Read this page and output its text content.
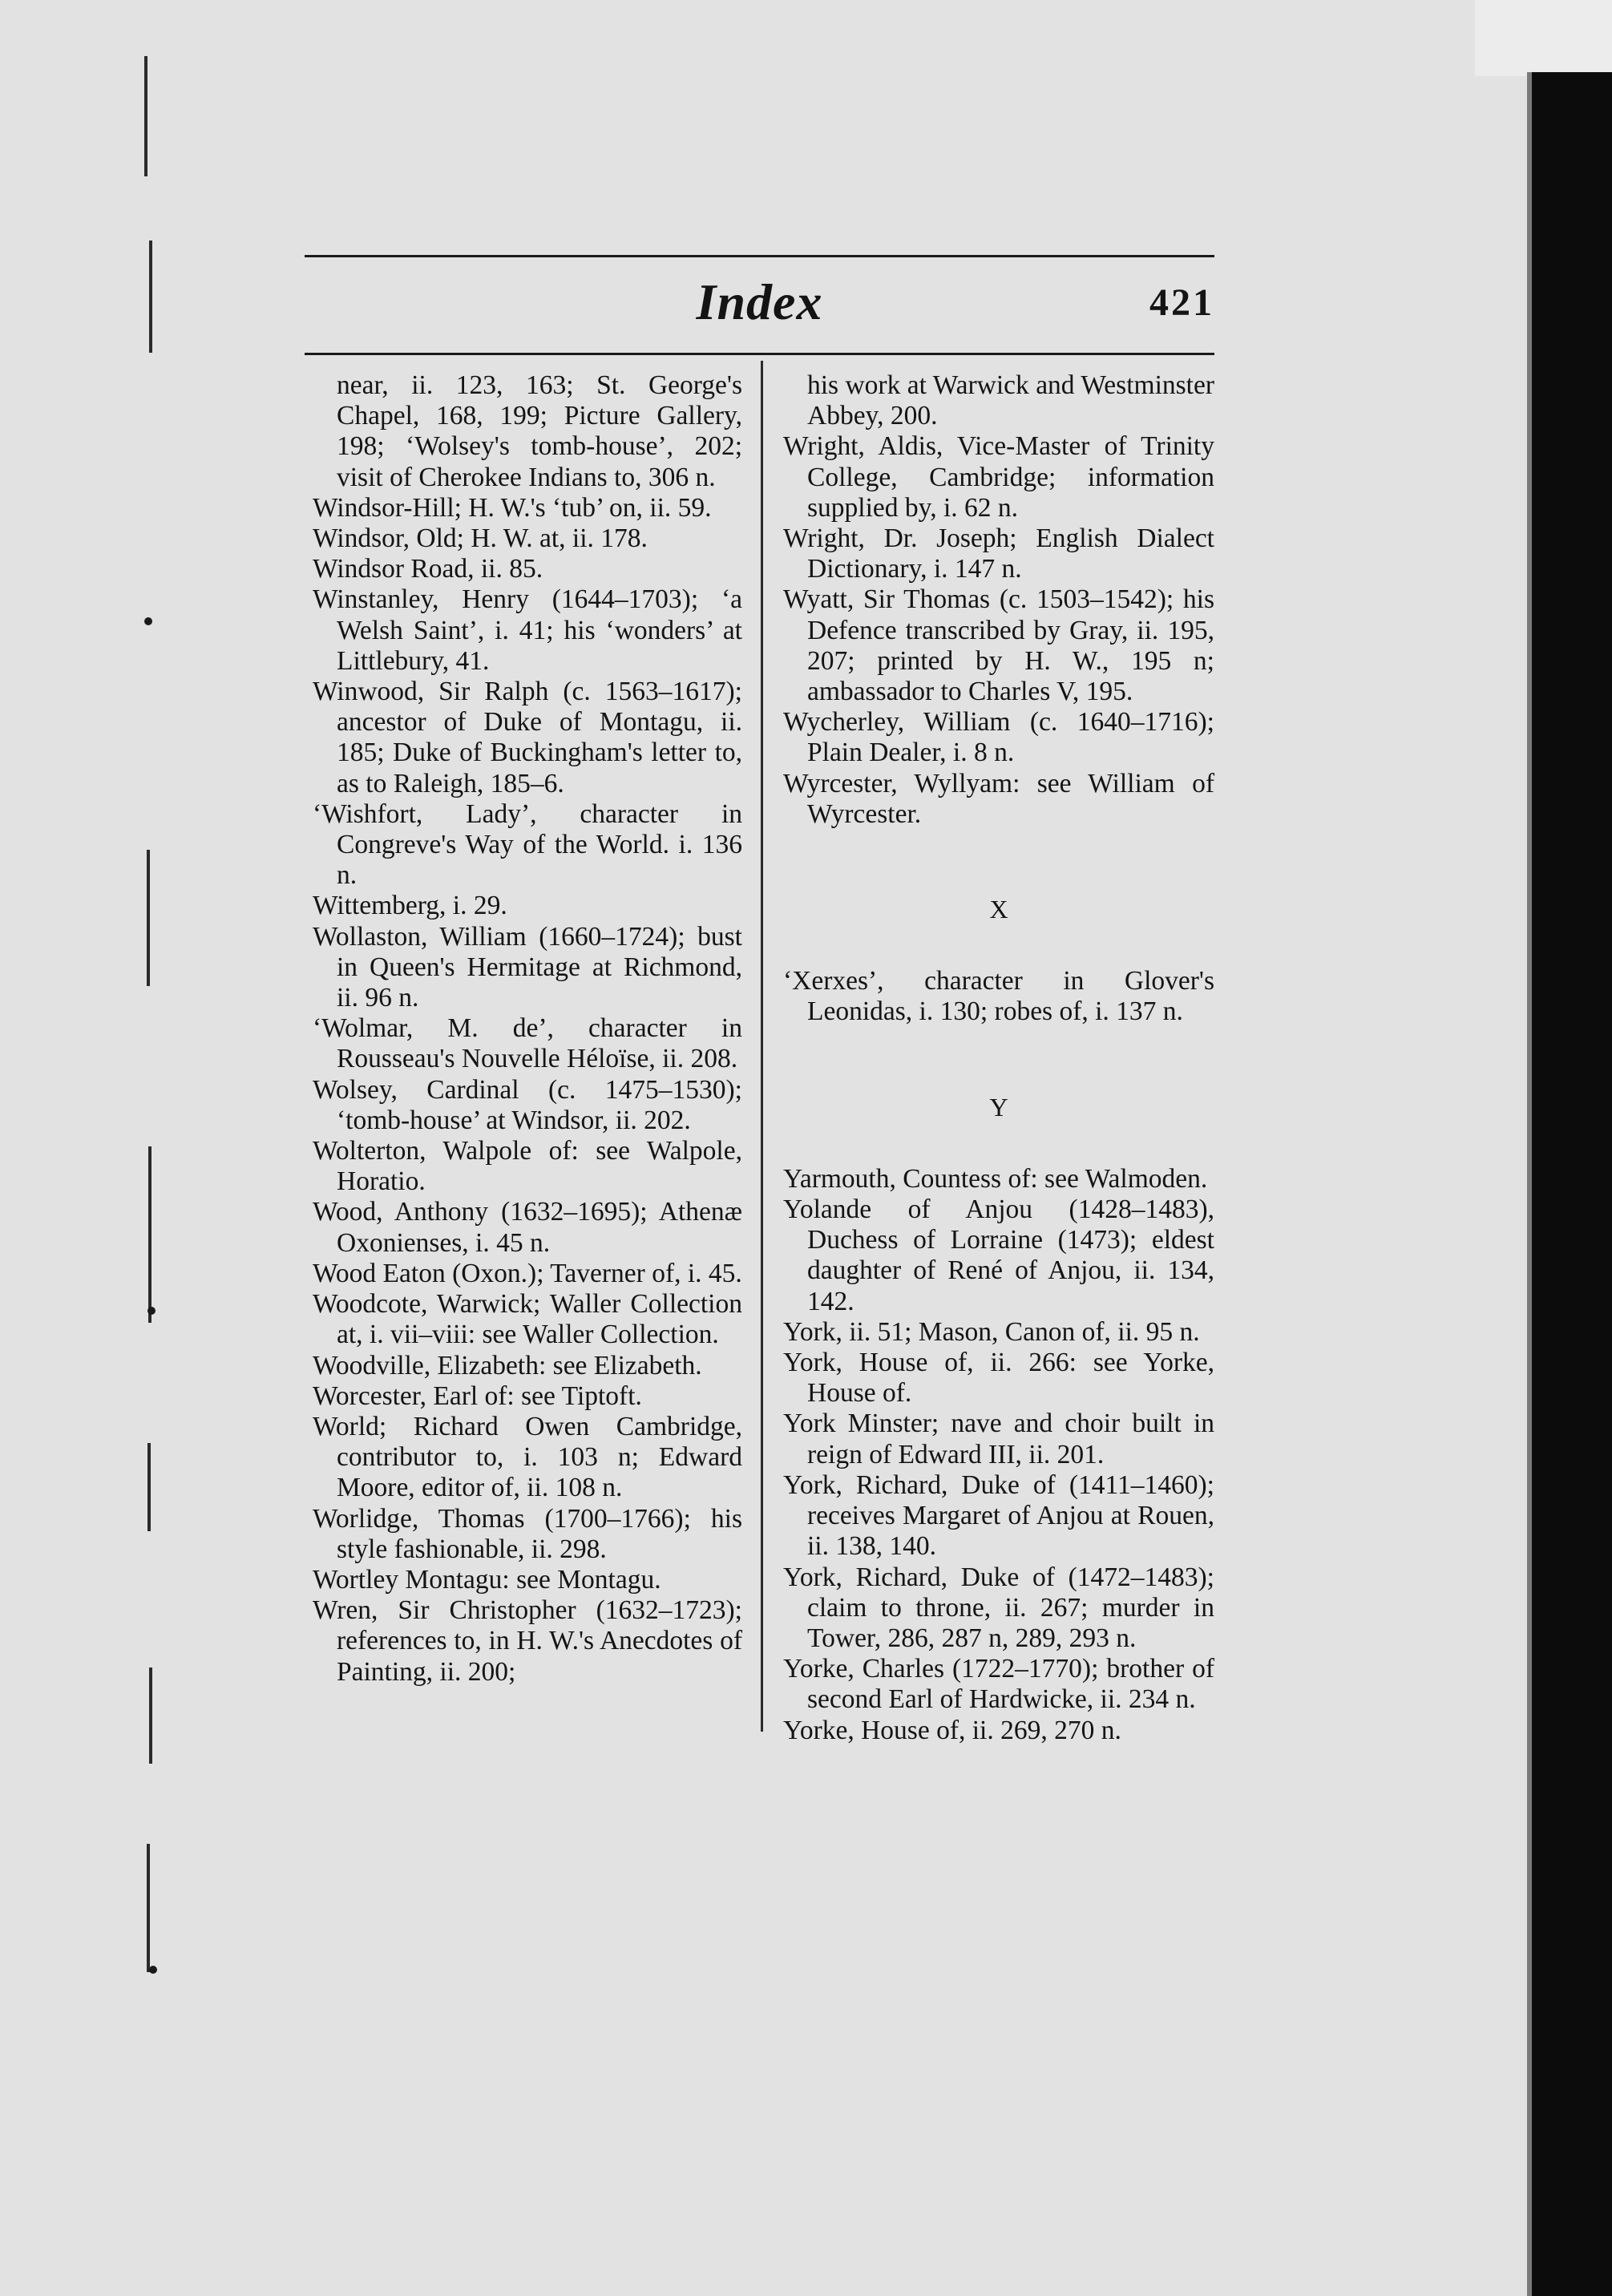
Index	421

near, ii. 123, 163; St. George's Chapel, 168, 199; Picture Gallery, 198; ‘Wolsey's tomb-house’, 202; visit of Cherokee Indians to, 306 n.

Windsor-Hill; H. W.'s ‘tub’ on, ii. 59.

Windsor, Old; H. W. at, ii. 178.

Windsor Road, ii. 85.

Winstanley, Henry (1644–1703); ‘a Welsh Saint’, i. 41; his ‘wonders’ at Littlebury, 41.

Winwood, Sir Ralph (c. 1563–1617); ancestor of Duke of Montagu, ii. 185; Duke of Buckingham's letter to, as to Raleigh, 185–6.

‘Wishfort, Lady’, character in Congreve's Way of the World. i. 136 n.

Wittemberg, i. 29.

Wollaston, William (1660–1724); bust in Queen's Hermitage at Richmond, ii. 96 n.

‘Wolmar, M. de’, character in Rousseau's Nouvelle Héloïse, ii. 208.

Wolsey, Cardinal (c. 1475–1530); ‘tomb-house’ at Windsor, ii. 202.

Wolterton, Walpole of: see Walpole, Horatio.

Wood, Anthony (1632–1695); Athenæ Oxonienses, i. 45 n.

Wood Eaton (Oxon.); Taverner of, i. 45.

Woodcote, Warwick; Waller Collection at, i. vii–viii: see Waller Collection.

Woodville, Elizabeth: see Elizabeth.

Worcester, Earl of: see Tiptoft.

World; Richard Owen Cambridge, contributor to, i. 103 n; Edward Moore, editor of, ii. 108 n.

Worlidge, Thomas (1700–1766); his style fashionable, ii. 298.

Wortley Montagu: see Montagu.

Wren, Sir Christopher (1632–1723); references to, in H. W.'s Anecdotes of Painting, ii. 200;

his work at Warwick and Westminster Abbey, 200.

Wright, Aldis, Vice-Master of Trinity College, Cambridge; information supplied by, i. 62 n.

Wright, Dr. Joseph; English Dialect Dictionary, i. 147 n.

Wyatt, Sir Thomas (c. 1503–1542); his Defence transcribed by Gray, ii. 195, 207; printed by H. W., 195 n; ambassador to Charles V, 195.

Wycherley, William (c. 1640–1716); Plain Dealer, i. 8 n.

Wyrcester, Wyllyam: see William of Wyrcester.

X

‘Xerxes’, character in Glover's Leonidas, i. 130; robes of, i. 137 n.

Y

Yarmouth, Countess of: see Walmoden.

Yolande of Anjou (1428–1483), Duchess of Lorraine (1473); eldest daughter of René of Anjou, ii. 134, 142.

York, ii. 51; Mason, Canon of, ii. 95 n.

York, House of, ii. 266: see Yorke, House of.

York Minster; nave and choir built in reign of Edward III, ii. 201.

York, Richard, Duke of (1411–1460); receives Margaret of Anjou at Rouen, ii. 138, 140.

York, Richard, Duke of (1472–1483); claim to throne, ii. 267; murder in Tower, 286, 287 n, 289, 293 n.

Yorke, Charles (1722–1770); brother of second Earl of Hardwicke, ii. 234 n.

Yorke, House of, ii. 269, 270 n.
